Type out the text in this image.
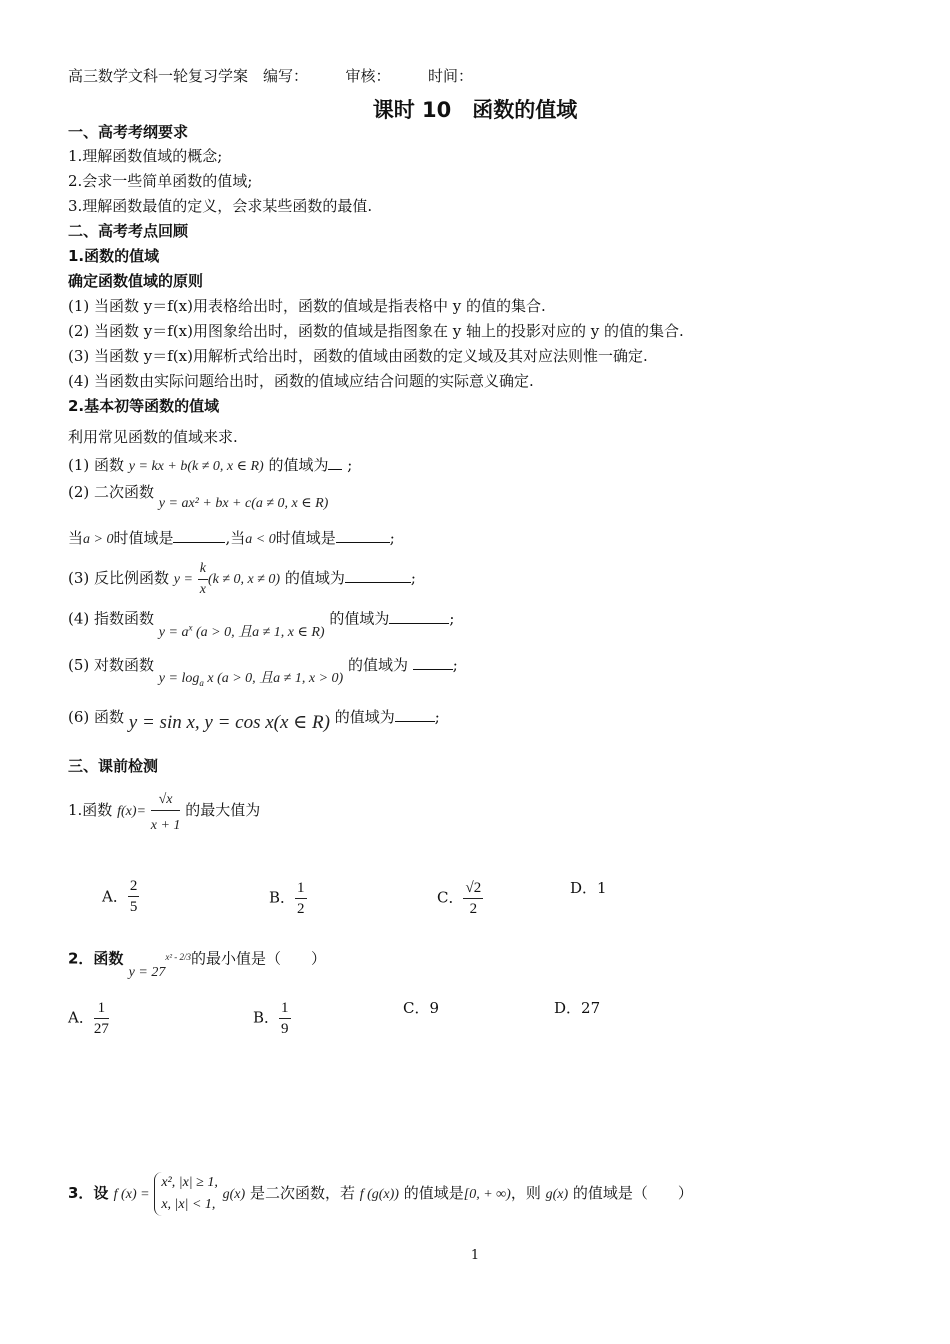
高三数学文科一轮复习学案　编写：　　　审核：　　　时间：
课时 10　函数的值域
一、高考考纲要求
1.理解函数值域的概念;
2.会求一些简单函数的值域;
3.理解函数最值的定义，会求某些函数的最值.
二、高考考点回顾
1.函数的值域
确定函数值域的原则
(1) 当函数 y＝f(x)用表格给出时，函数的值域是指表格中 y 的值的集合.
(2) 当函数 y＝f(x)用图象给出时，函数的值域是指图象在 y 轴上的投影对应的 y 的值的集合.
(3) 当函数 y＝f(x)用解析式给出时，函数的值域由函数的定义域及其对应法则惟一确定.
(4) 当函数由实际问题给出时，函数的值域应结合问题的实际意义确定.
2.基本初等函数的值域
利用常见函数的值域来求.
(1) 函数 y = kx + b(k ≠ 0, x ∈ R) 的值域为 ;
(2) 二次函数 y = ax² + bx + c(a ≠ 0, x ∈ R)
当a > 0时值域是	,当a < 0时值域是	;
(3) 反比例函数 $y = \frac{k}{x} (k \ne 0$, x ≠ 0) 的值域为	;
(4) 指数函数 $y = a^x$ (a > 0, 且a ≠ 1, x ∈ R) 的值域为	;
(5) 对数函数 $y = \log_a x$ (a > 0, 且a ≠ 1, x > 0) 的值域为	;
(6) 函数 y = sin x, y = cos x(x ∈ R) 的值域为	;
三、课前检测
1.函数 $f(x)= \frac{√x}{x + 1}$ 的最大值为
A． $\frac{2}{5}$	B． $\frac{1}{2}$	C． $\frac{√2}{2}$	D．1
2．函数 $y = 27^{x^2 - 2/3}$的最小值是（　　）
A． $\frac{1}{27}$	B． $\frac{1}{9}$	C．9	D．27
3．设 f (x) =
x², |x| ≥ 1,
x, |x| < 1,
g(x) 是二次函数，若 f (g(x)) 的值域是[0, + ∞)，则 g(x) 的值域是（　　）
1
